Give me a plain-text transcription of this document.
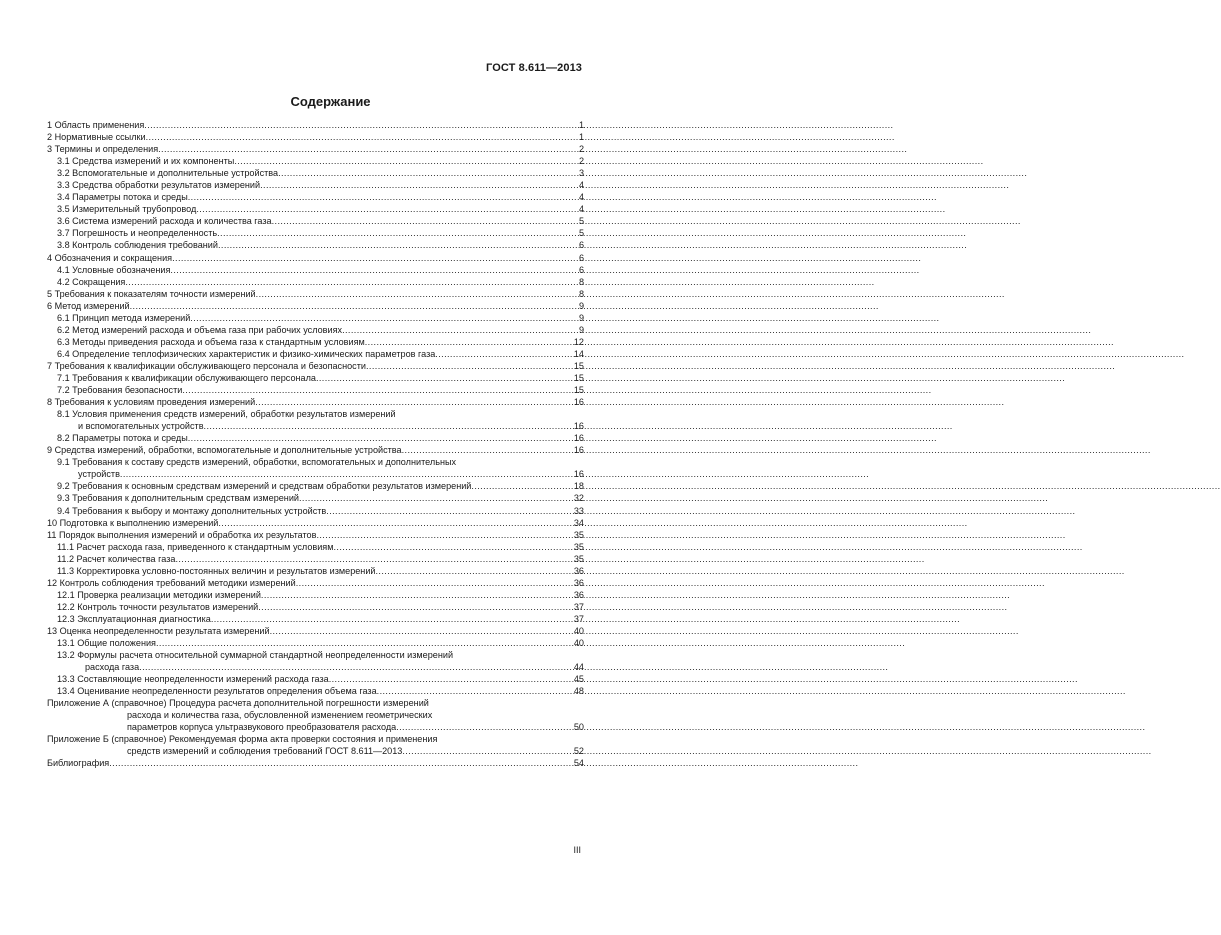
ГОСТ 8.611—2013
Содержание
1 Область применения .....	1
2 Нормативные ссылки .....	1
3 Термины и определения .....	2
3.1 Средства измерений и их компоненты .....	2
3.2 Вспомогательные и дополнительные устройства .....	3
3.3 Средства обработки результатов измерений .....	4
3.4 Параметры потока и среды .....	4
3.5 Измерительный трубопровод .....	4
3.6 Система измерений расхода и количества газа .....	5
3.7 Погрешность и неопределенность .....	5
3.8 Контроль соблюдения требований .....	6
4 Обозначения и сокращения .....	6
4.1 Условные обозначения .....	6
4.2 Сокращения .....	8
5 Требования к показателям точности измерений .....	8
6 Метод измерений .....	9
6.1 Принцип метода измерений .....	9
6.2 Метод измерений расхода и объема газа при рабочих условиях .....	9
6.3 Методы приведения расхода и объема газа к стандартным условиям .....	12
6.4 Определение теплофизических характеристик и физико-химических параметров газа .....	14
7 Требования к квалификации обслуживающего персонала и безопасности .....	15
7.1 Требования к квалификации обслуживающего персонала .....	15
7.2 Требования безопасности .....	15
8 Требования к условиям проведения измерений .....	16
8.1 Условия применения средств измерений, обработки результатов измерений
и вспомогательных устройств .....	16
8.2 Параметры потока и среды .....	16
9 Средства измерений, обработки, вспомогательные и дополнительные устройства .....	16
9.1 Требования к составу средств измерений, обработки, вспомогательных и дополнительных
устройств .....	16
9.2 Требования к основным средствам измерений и средствам обработки результатов измерений .....	18
9.3 Требования к дополнительным средствам измерений .....	32
9.4 Требования к выбору и монтажу дополнительных устройств .....	33
10 Подготовка к выполнению измерений .....	34
11 Порядок выполнения измерений и обработка их результатов .....	35
11.1 Расчет расхода газа, приведенного к стандартным условиям .....	35
11.2 Расчет количества газа .....	35
11.3 Корректировка условно-постоянных величин и результатов измерений .....	36
12 Контроль соблюдения требований методики измерений .....	36
12.1 Проверка реализации методики измерений .....	36
12.2 Контроль точности результатов измерений .....	37
12.3 Эксплуатационная диагностика .....	37
13 Оценка неопределенности результата измерений .....	40
13.1 Общие положения .....	40
13.2 Формулы расчета относительной суммарной стандартной неопределенности измерений
расхода газа .....	44
13.3 Составляющие неопределенности измерений расхода газа .....	45
13.4 Оценивание неопределенности результатов определения объема газа .....	48
Приложение А (справочное) Процедура расчета дополнительной погрешности измерений
расхода и количества газа, обусловленной изменением геометрических
параметров корпуса ультразвукового преобразователя расхода .....	50
Приложение Б (справочное) Рекомендуемая форма акта проверки состояния и применения
средств измерений и соблюдения требований ГОСТ 8.611—2013 .....	52
Библиография .....	54
III
